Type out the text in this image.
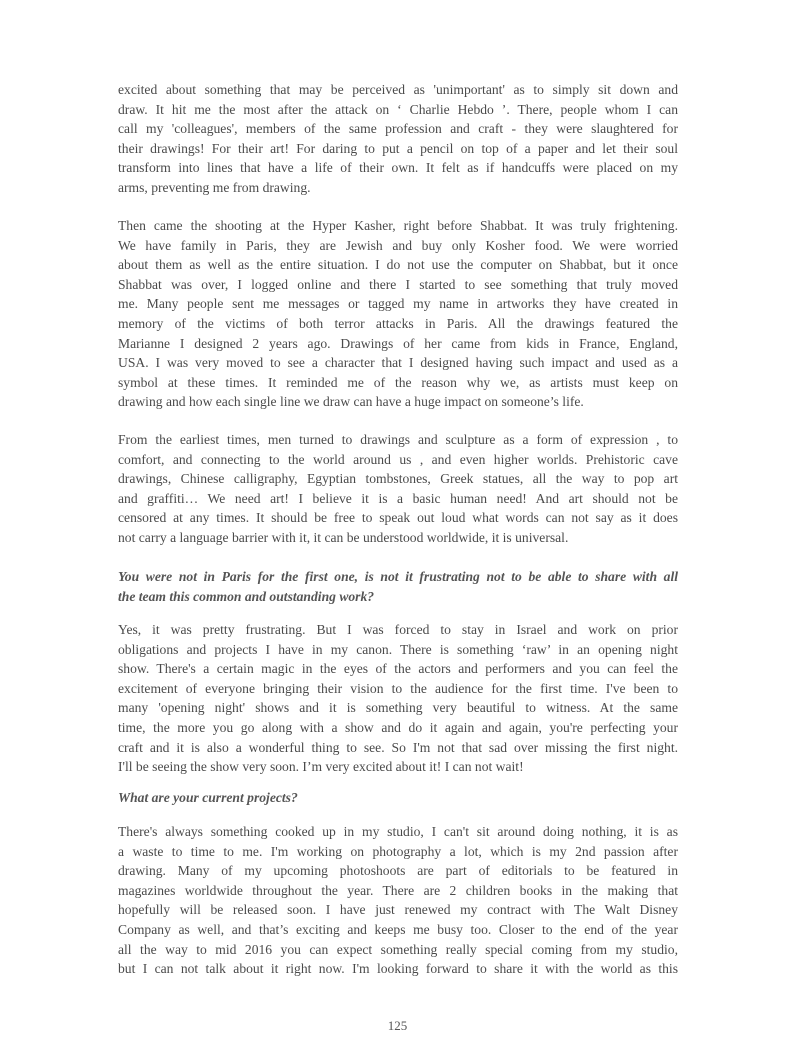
excited about something that may be perceived as 'unimportant' as to simply sit down and
draw. It hit me the most after the attack on ‘ Charlie Hebdo ’. There, people whom I can
call my 'colleagues', members of the same profession and craft - they were slaughtered for
their drawings! For their art! For daring to put a pencil on top of a paper and let their soul
transform into lines that have a life of their own. It felt as if handcuffs were placed on my
arms, preventing me from drawing.
Then came the shooting at the Hyper Kasher, right before Shabbat. It was truly frightening.
We have family in Paris, they are Jewish and buy only Kosher food. We were worried
about them as well as the entire situation. I do not use the computer on Shabbat, but it once
Shabbat was over, I logged online and there I started to see something that truly moved
me. Many people sent me messages or tagged my name in artworks they have created in
memory of the victims of both terror attacks in Paris. All the drawings featured the
Marianne I designed 2 years ago. Drawings of her came from kids in France, England,
USA. I was very moved to see a character that I designed having such impact and used as a
symbol at these times. It reminded me of the reason why we, as artists must keep on
drawing and how each single line we draw can have a huge impact on someone’s life.
From the earliest times, men turned to drawings and sculpture as a form of expression , to
comfort, and connecting to the world around us , and even higher worlds. Prehistoric cave
drawings, Chinese calligraphy, Egyptian tombstones, Greek statues, all the way to pop art
and graffiti… We need art! I believe it is a basic human need! And art should not be
censored at any times. It should be free to speak out loud what words can not say as it does
not carry a language barrier with it, it can be understood worldwide, it is universal.
You were not in Paris for the first one, is not it frustrating not to be able to share with all
the team this common and outstanding work?
Yes, it was pretty frustrating. But I was forced to stay in Israel and work on prior
obligations and projects I have in my canon. There is something ‘raw’ in an opening night
show. There's a certain magic in the eyes of the actors and performers and you can feel the
excitement of everyone bringing their vision to the audience for the first time. I've been to
many 'opening night' shows and it is something very beautiful to witness. At the same
time, the more you go along with a show and do it again and again, you're perfecting your
craft and it is also a wonderful thing to see. So I'm not that sad over missing the first night.
I'll be seeing the show very soon. I’m very excited about it! I can not wait!
What are your current projects?
There's always something cooked up in my studio, I can't sit around doing nothing, it is as
a waste to time to me. I'm working on photography a lot, which is my 2nd passion after
drawing. Many of my upcoming photoshoots are part of editorials to be featured in
magazines worldwide throughout the year. There are 2 children books in the making that
hopefully will be released soon. I have just renewed my contract with The Walt Disney
Company as well, and that’s exciting and keeps me busy too. Closer to the end of the year
all the way to mid 2016 you can expect something really special coming from my studio,
but I can not talk about it right now. I'm looking forward to share it with the world as this
125
